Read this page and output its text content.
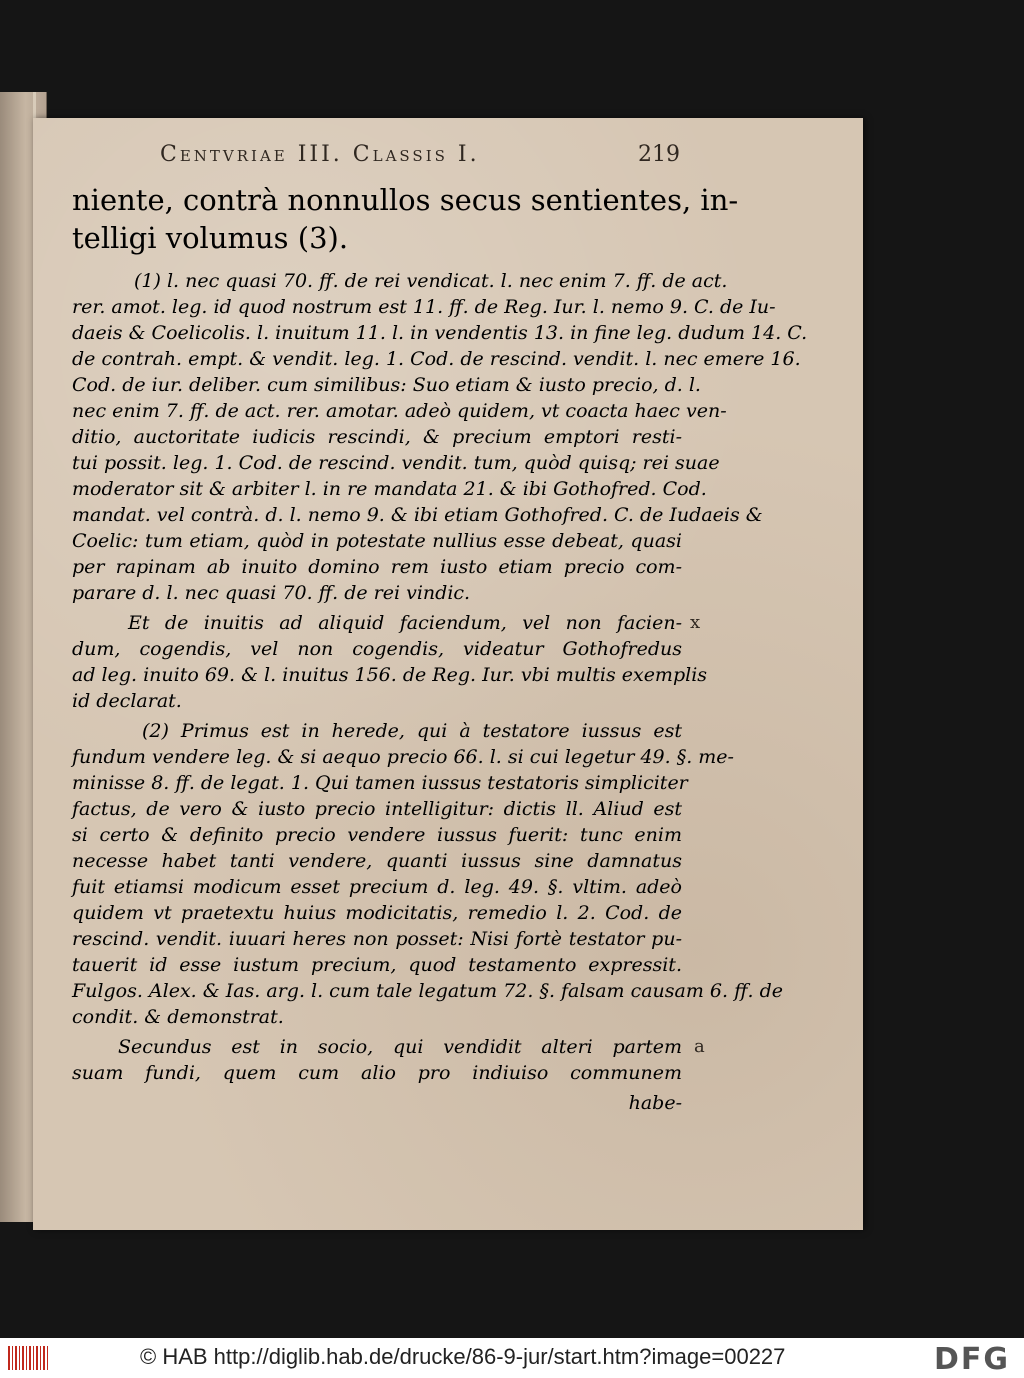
Centvriae III. Classis I.	219
niente, contrà nonnullos secus sentientes, in-
telligi volumus (3).
(1) l. nec quasi 70. ff. de rei vendicat. l. nec enim 7. ff. de act.
rer. amot. leg. id quod nostrum est 11. ff. de Reg. Iur. l. nemo 9. C. de Iu-
daeis & Coelicolis. l. inuitum 11. l. in vendentis 13. in fine leg. dudum 14. C.
de contrah. empt. & vendit. leg. 1. Cod. de rescind. vendit. l. nec emere 16.
Cod. de iur. deliber. cum similibus: Suo etiam & iusto precio, d. l.
nec enim 7. ff. de act. rer. amotar. adeò quidem, vt coacta haec ven-
ditio, auctoritate iudicis rescindi, & precium emptori resti-
tui possit. leg. 1. Cod. de rescind. vendit. tum, quòd quisq; rei suae
moderator sit & arbiter l. in re mandata 21. & ibi Gothofred. Cod.
mandat. vel contrà. d. l. nemo 9. & ibi etiam Gothofred. C. de Iudaeis &
Coelic: tum etiam, quòd in potestate nullius esse debeat, quasi
per rapinam ab inuito domino rem iusto etiam precio com-
parare d. l. nec quasi 70. ff. de rei vindic.
Et de inuitis ad aliquid faciendum, vel non facien-
dum, cogendis, vel non cogendis, videatur Gothofredus
ad leg. inuito 69. & l. inuitus 156. de Reg. Iur. vbi multis exemplis
id declarat.
(2) Primus est in herede, qui à testatore iussus est
fundum vendere leg. & si aequo precio 66. l. si cui legetur 49. §. me-
minisse 8. ff. de legat. 1. Qui tamen iussus testatoris simpliciter
factus, de vero & iusto precio intelligitur: dictis ll. Aliud est
si certo & definito precio vendere iussus fuerit: tunc enim
necesse habet tanti vendere, quanti iussus sine damnatus
fuit etiamsi modicum esset precium d. leg. 49. §. vltim. adeò
quidem vt praetextu huius modicitatis, remedio l. 2. Cod. de
rescind. vendit. iuuari heres non posset: Nisi fortè testator pu-
tauerit id esse iustum precium, quod testamento expressit.
Fulgos. Alex. & Ias. arg. l. cum tale legatum 72. §. falsam causam 6. ff. de
condit. & demonstrat.
Secundus est in socio, qui vendidit alteri partem
suam fundi, quem cum alio pro indiuiso communem
habe-
x
a
© HAB http://diglib.hab.de/drucke/86-9-jur/start.htm?image=00227	DFG
